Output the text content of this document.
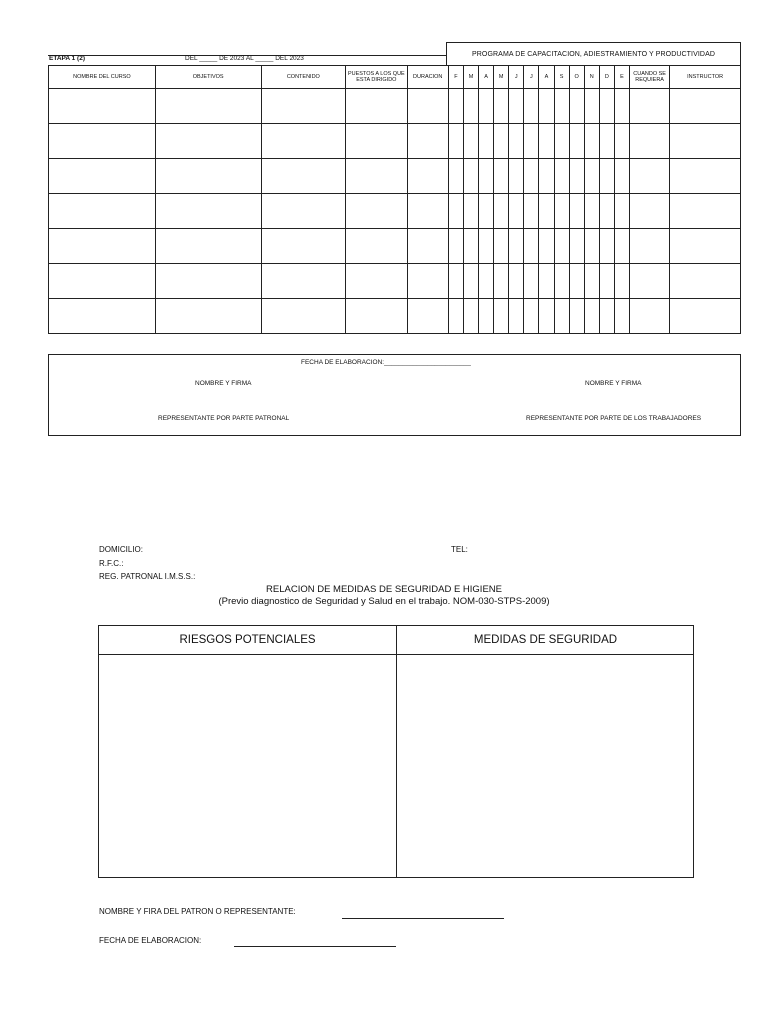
PROGRAMA DE CAPACITACION, ADIESTRAMIENTO Y PRODUCTIVIDAD
ETAPA 1 (2)	DEL _____ DE 2023 AL _____ DEL 2023
NOMBRE DEL CURSO	OBJETIVOS	CONTENIDO	PUESTOS A LOS QUE ESTA DIRIGIDO	DURACION	F	M	A	M	J	J	A	S	O	N	D	E	CUANDO SE REQUIERA	INSTRUCTOR

FECHA DE ELABORACION:________________________
NOMBRE Y FIRMA	NOMBRE Y FIRMA
REPRESENTANTE POR PARTE PATRONAL	REPRESENTANTE POR PARTE DE LOS TRABAJADORES
DOMICILIO:	TEL:
R.F.C.:
REG. PATRONAL I.M.S.S.:
RELACION DE MEDIDAS DE SEGURIDAD E HIGIENE
(Previo diagnostico de Seguridad y Salud en el trabajo. NOM-030-STPS-2009)
RIESGOS POTENCIALES	MEDIDAS DE SEGURIDAD
NOMBRE Y FIRA DEL PATRON O REPRESENTANTE:
FECHA DE ELABORACION:
